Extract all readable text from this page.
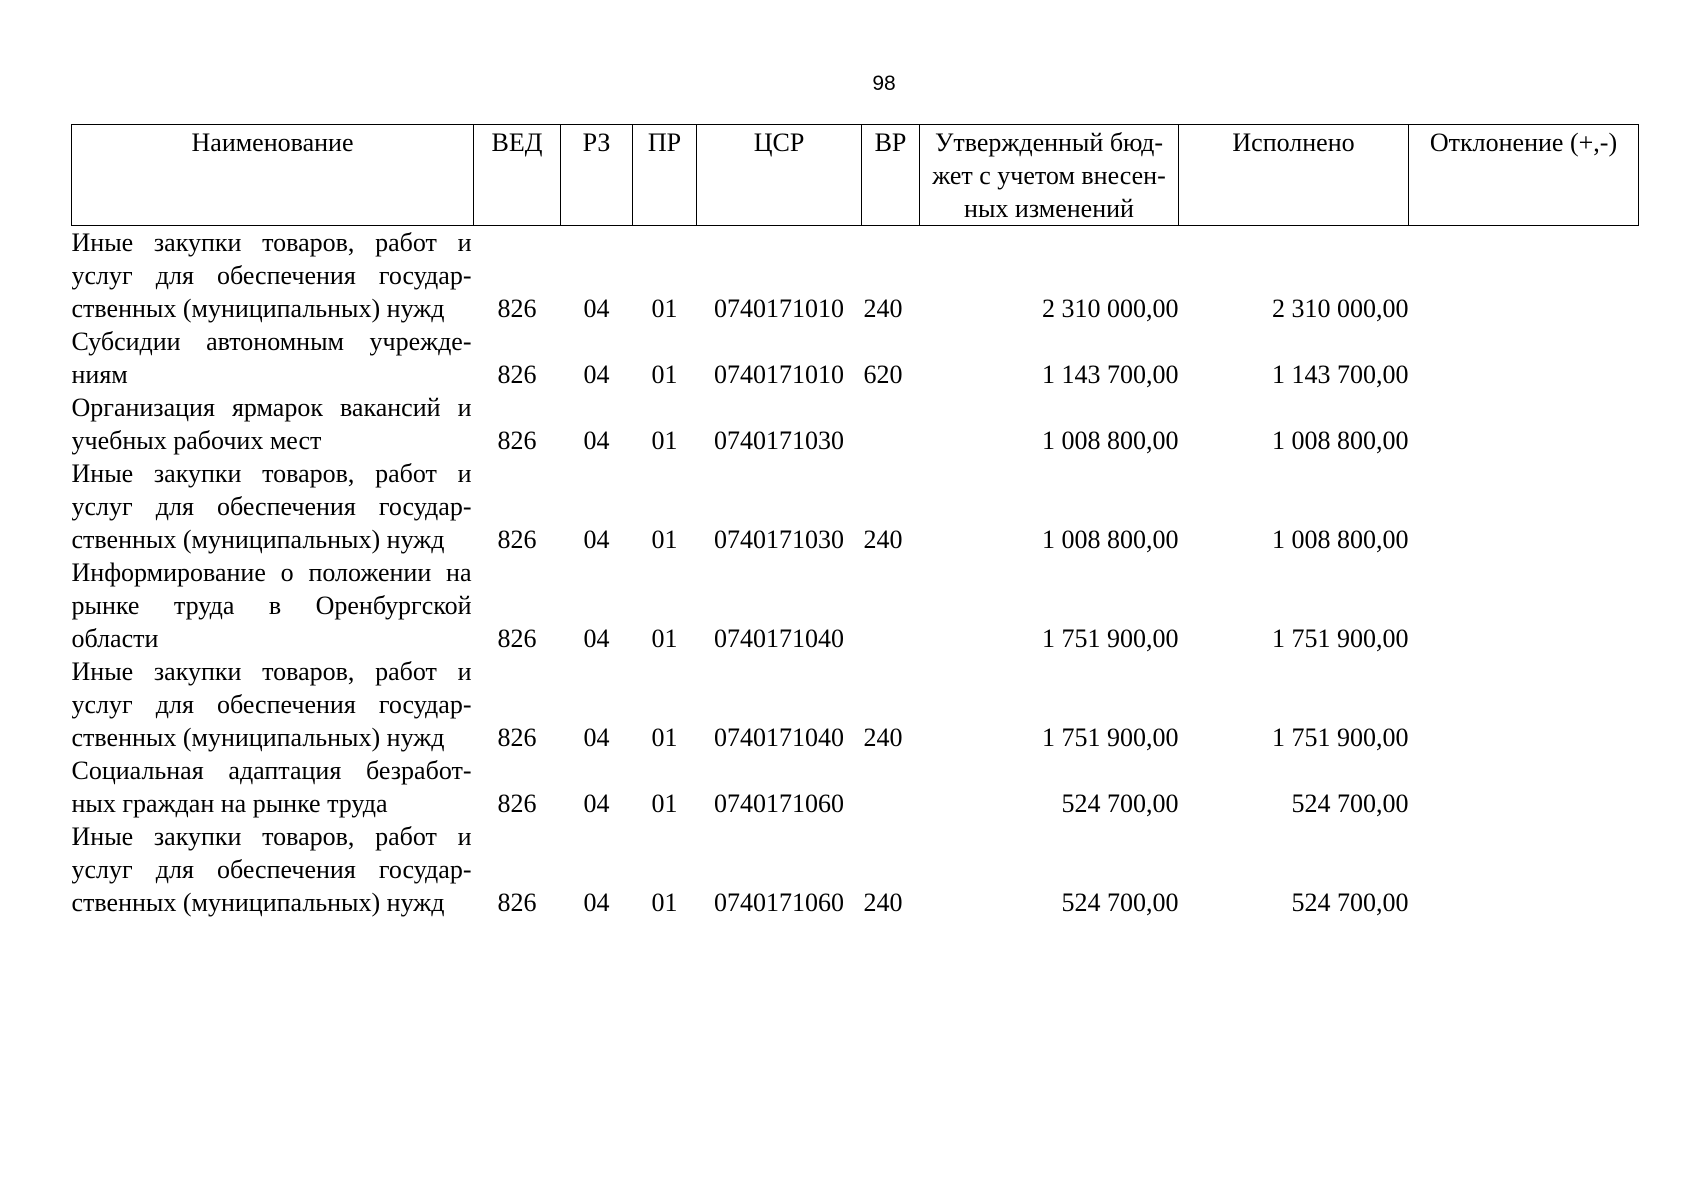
98
Наименование	ВЕД	РЗ	ПР	ЦСР	ВР	Утвержденный бюд-жет с учетом внесен-ных изменений	Исполнено	Отклонение (+,-)
Иные закупки товаров, работ и услуг для обеспечения государ-ственных (муниципальных) нужд	826	04	01	0740171010	240	2 310 000,00	2 310 000,00	
Субсидии автономным учрежде-ниям	826	04	01	0740171010	620	1 143 700,00	1 143 700,00	
Организация ярмарок вакансий и учебных рабочих мест	826	04	01	0740171030		1 008 800,00	1 008 800,00	
Иные закупки товаров, работ и услуг для обеспечения государ-ственных (муниципальных) нужд	826	04	01	0740171030	240	1 008 800,00	1 008 800,00	
Информирование о положении на рынке труда в Оренбургской области	826	04	01	0740171040		1 751 900,00	1 751 900,00	
Иные закупки товаров, работ и услуг для обеспечения государ-ственных (муниципальных) нужд	826	04	01	0740171040	240	1 751 900,00	1 751 900,00	
Социальная адаптация безработ-ных граждан на рынке труда	826	04	01	0740171060		524 700,00	524 700,00	
Иные закупки товаров, работ и услуг для обеспечения государ-ственных (муниципальных) нужд	826	04	01	0740171060	240	524 700,00	524 700,00	
